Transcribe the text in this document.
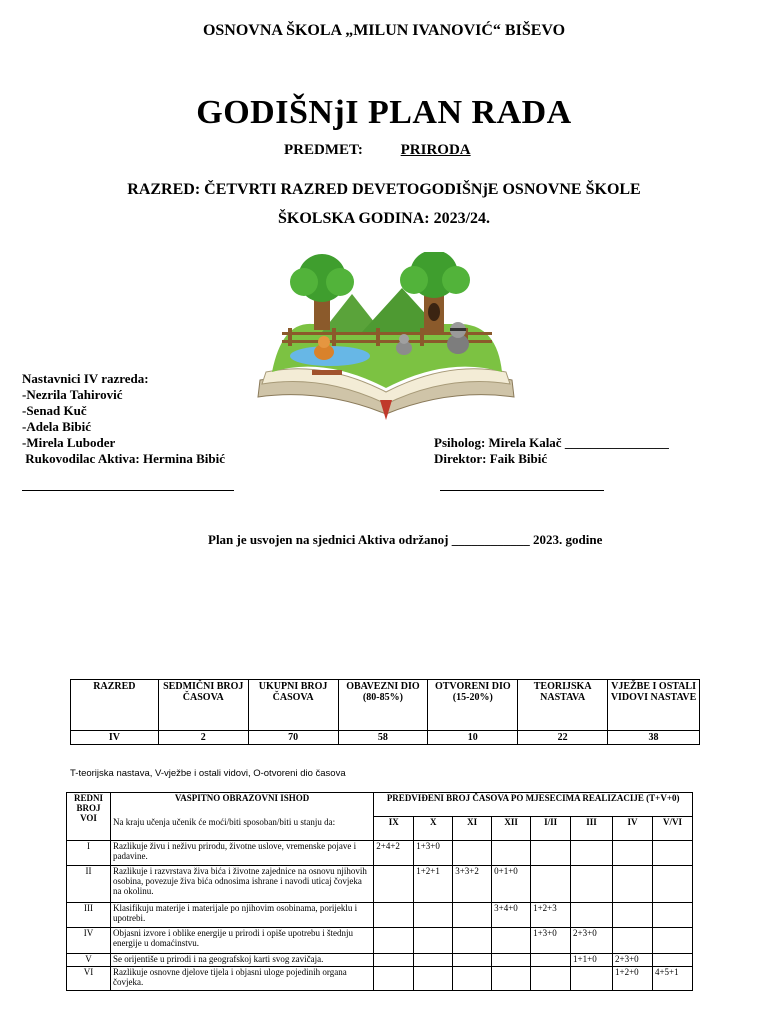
OSNOVNA ŠKOLA „MILUN IVANOVIĆ“ BIŠEVO
GODIŠNjI PLAN RADA
PREDMET:	PRIRODA
RAZRED: ČETVRTI RAZRED DEVETOGODIŠNjE OSNOVNE ŠKOLE
ŠKOLSKA GODINA: 2023/24.
Nastavnici IV razreda:
-Nezrila Tahirović
-Senad Kuč
-Adela Bibić
-Mirela Luboder
Rukovodilac Aktiva: Hermina Bibić
Psiholog: Mirela Kalač ________________
Direktor: Faik Bibić
Plan je usvojen na sjednici Aktiva održanoj ____________ 2023. godine
RAZRED	SEDMIČNI BROJ ČASOVA	UKUPNI BROJ ČASOVA	OBAVEZNI DIO (80-85%)	OTVORENI DIO (15-20%)	TEORIJSKA NASTAVA	VJEŽBE I OSTALI VIDOVI NASTAVE
IV	2	70	58	10	22	38
T-teorijska nastava, V-vježbe i ostali vidovi, O-otvoreni dio časova
REDNI BROJ VOI	VASPITNO OBRAZOVNI ISHOD	PREDVIĐENI BROJ ČASOVA PO MJESECIMA REALIZACIJE (T+V+0)							
	Na kraju učenja učenik će moći/biti sposoban/biti u stanju da:	IX	X	XI	XII	I/II	III	IV	V/VI
I	Razlikuje živu i neživu prirodu, životne uslove, vremenske pojave i padavine.	2+4+2	1+3+0						
II	Razlikuje i razvrstava živa bića i životne zajednice na osnovu njihovih osobina, povezuje živa bića odnosima ishrane i navodi uticaj čovjeka na okolinu.		1+2+1	3+3+2	0+1+0				
III	Klasifikuju materije i materijale po njihovim osobinama, porijeklu i upotrebi.				3+4+0	1+2+3			
IV	Objasni izvore i oblike energije u prirodi i opiše upotrebu i štednju energije u domaćinstvu.					1+3+0	2+3+0		
V	Se orijentiše u prirodi i na geografskoj karti svog zavičaja.						1+1+0	2+3+0	
VI	Razlikuje osnovne djelove tijela i objasni uloge pojedinih organa čovjeka.							1+2+0	4+5+1
